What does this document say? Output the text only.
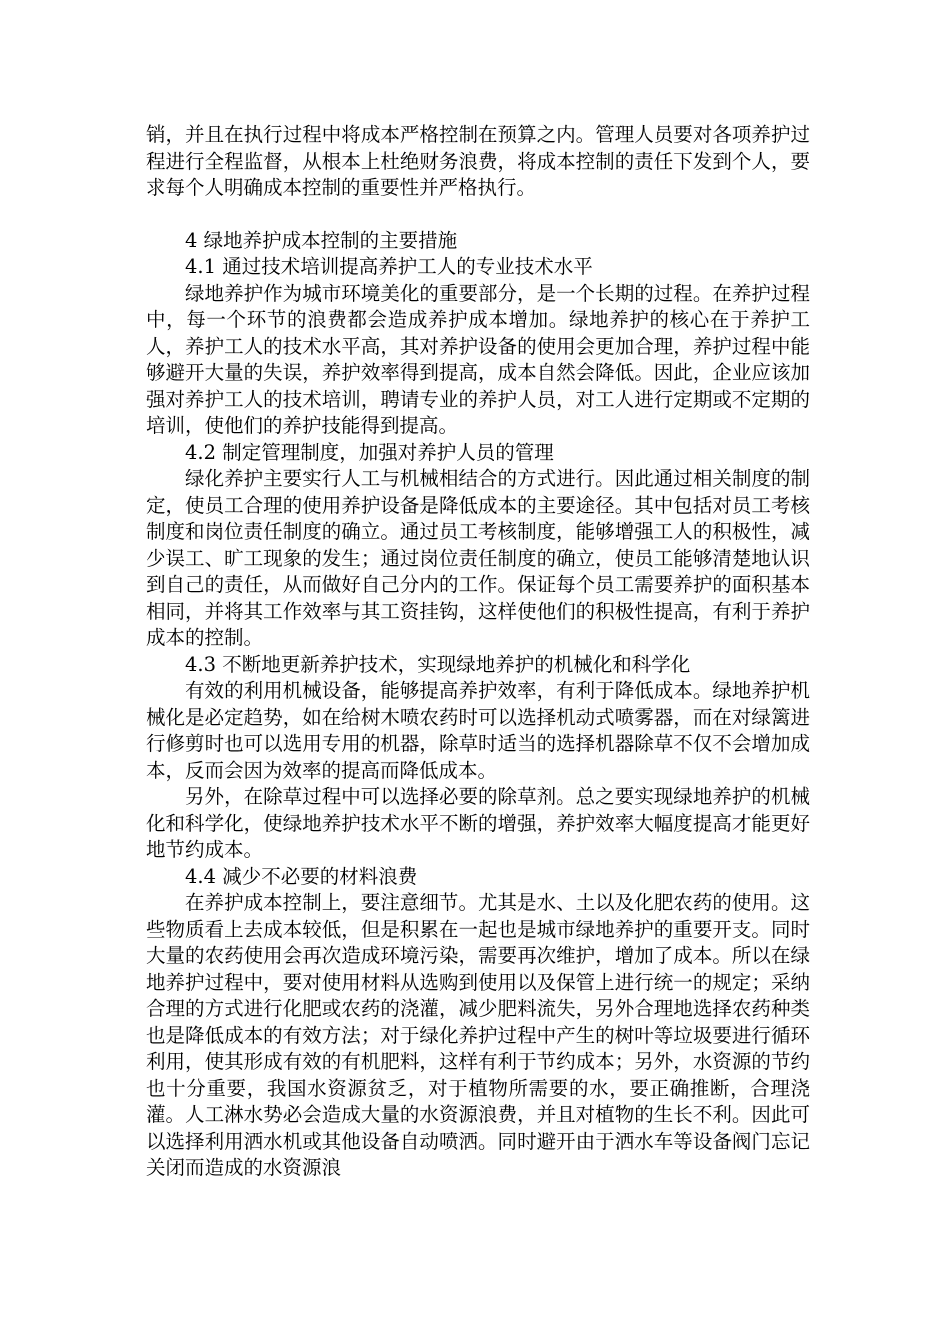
销，并且在执行过程中将成本严格控制在预算之内。管理人员要对各项养护过程进行全程监督，从根本上杜绝财务浪费，将成本控制的责任下发到个人，要求每个人明确成本控制的重要性并严格执行。

4 绿地养护成本控制的主要措施

4.1 通过技术培训提高养护工人的专业技术水平

绿地养护作为城市环境美化的重要部分，是一个长期的过程。在养护过程中，每一个环节的浪费都会造成养护成本增加。绿地养护的核心在于养护工人，养护工人的技术水平高，其对养护设备的使用会更加合理，养护过程中能够避开大量的失误，养护效率得到提高，成本自然会降低。因此，企业应该加强对养护工人的技术培训，聘请专业的养护人员，对工人进行定期或不定期的培训，使他们的养护技能得到提高。

4.2 制定管理制度，加强对养护人员的管理

绿化养护主要实行人工与机械相结合的方式进行。因此通过相关制度的制定，使员工合理的使用养护设备是降低成本的主要途径。其中包括对员工考核制度和岗位责任制度的确立。通过员工考核制度，能够增强工人的积极性，减少误工、旷工现象的发生；通过岗位责任制度的确立，使员工能够清楚地认识到自己的责任，从而做好自己分内的工作。保证每个员工需要养护的面积基本相同，并将其工作效率与其工资挂钩，这样使他们的积极性提高，有利于养护成本的控制。

4.3 不断地更新养护技术，实现绿地养护的机械化和科学化

有效的利用机械设备，能够提高养护效率，有利于降低成本。绿地养护机械化是必定趋势，如在给树木喷农药时可以选择机动式喷雾器，而在对绿篱进行修剪时也可以选用专用的机器，除草时适当的选择机器除草不仅不会增加成本，反而会因为效率的提高而降低成本。

另外，在除草过程中可以选择必要的除草剂。总之要实现绿地养护的机械化和科学化，使绿地养护技术水平不断的增强，养护效率大幅度提高才能更好地节约成本。

4.4 减少不必要的材料浪费

在养护成本控制上，要注意细节。尤其是水、土以及化肥农药的使用。这些物质看上去成本较低，但是积累在一起也是城市绿地养护的重要开支。同时大量的农药使用会再次造成环境污染，需要再次维护，增加了成本。所以在绿地养护过程中，要对使用材料从选购到使用以及保管上进行统一的规定；采纳合理的方式进行化肥或农药的浇灌，减少肥料流失，另外合理地选择农药种类也是降低成本的有效方法；对于绿化养护过程中产生的树叶等垃圾要进行循环利用，使其形成有效的有机肥料，这样有利于节约成本；另外，水资源的节约也十分重要，我国水资源贫乏，对于植物所需要的水，要正确推断，合理浇灌。人工淋水势必会造成大量的水资源浪费，并且对植物的生长不利。因此可以选择利用洒水机或其他设备自动喷洒。同时避开由于洒水车等设备阀门忘记关闭而造成的水资源浪
